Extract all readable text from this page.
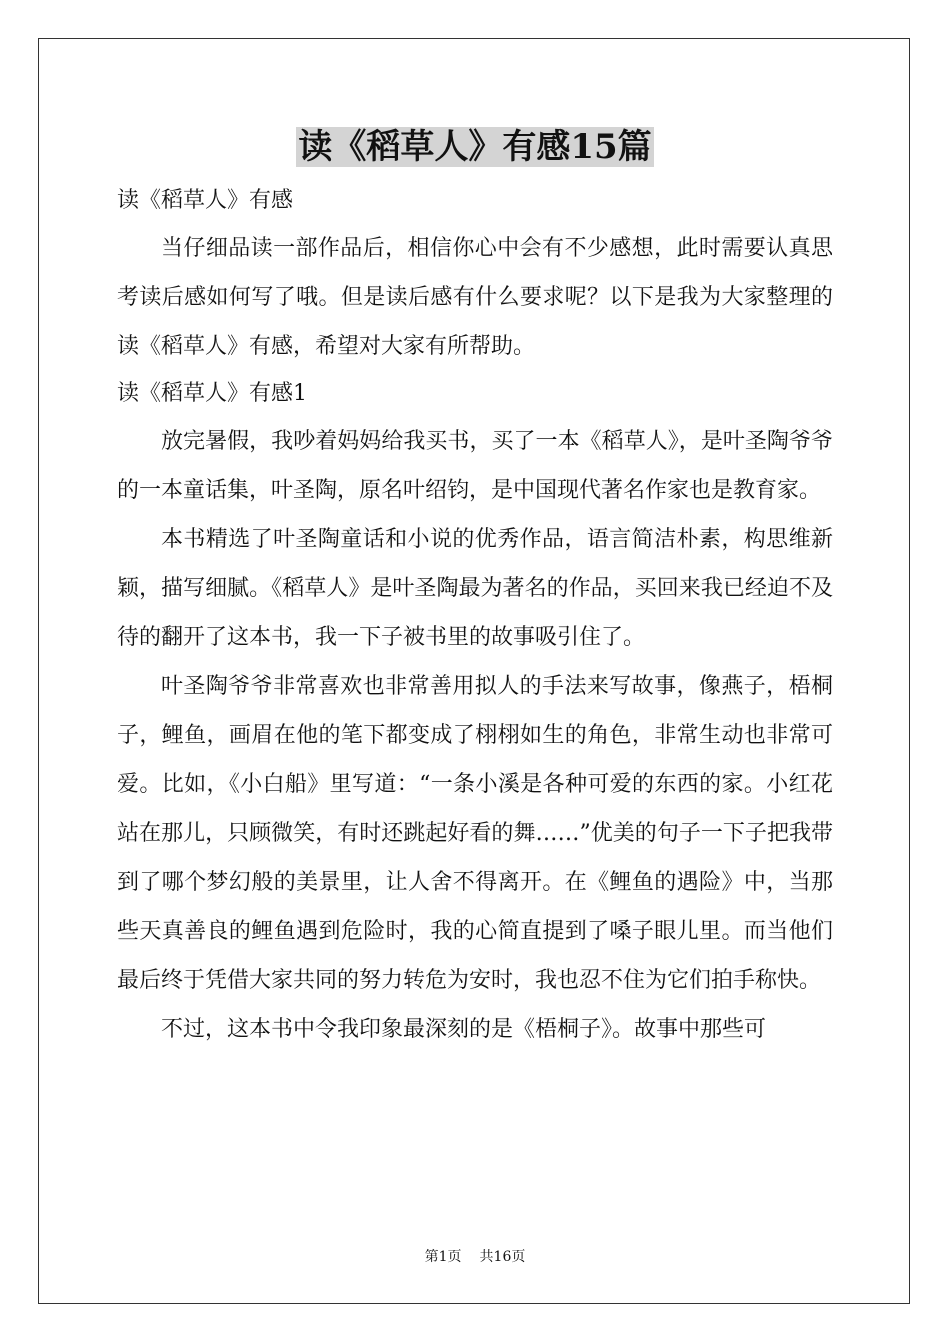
读《稻草人》有感15篇

读《稻草人》有感

当仔细品读一部作品后，相信你心中会有不少感想，此时需要认真思考读后感如何写了哦。但是读后感有什么要求呢？以下是我为大家整理的读《稻草人》有感，希望对大家有所帮助。

读《稻草人》有感1

放完暑假，我吵着妈妈给我买书，买了一本《稻草人》，是叶圣陶爷爷的一本童话集，叶圣陶，原名叶绍钧，是中国现代著名作家也是教育家。

本书精选了叶圣陶童话和小说的优秀作品，语言简洁朴素，构思维新颖，描写细腻。《稻草人》是叶圣陶最为著名的作品，买回来我已经迫不及待的翻开了这本书，我一下子被书里的故事吸引住了。

叶圣陶爷爷非常喜欢也非常善用拟人的手法来写故事，像燕子，梧桐子，鲤鱼，画眉在他的笔下都变成了栩栩如生的角色，非常生动也非常可爱。比如，《小白船》里写道：“一条小溪是各种可爱的东西的家。小红花站在那儿，只顾微笑，有时还跳起好看的舞……”优美的句子一下子把我带到了哪个梦幻般的美景里，让人舍不得离开。在《鲤鱼的遇险》中，当那些天真善良的鲤鱼遇到危险时，我的心简直提到了嗓子眼儿里。而当他们最后终于凭借大家共同的努力转危为安时，我也忍不住为它们拍手称快。

不过，这本书中令我印象最深刻的是《梧桐子》。故事中那些可

第1页 共16页
